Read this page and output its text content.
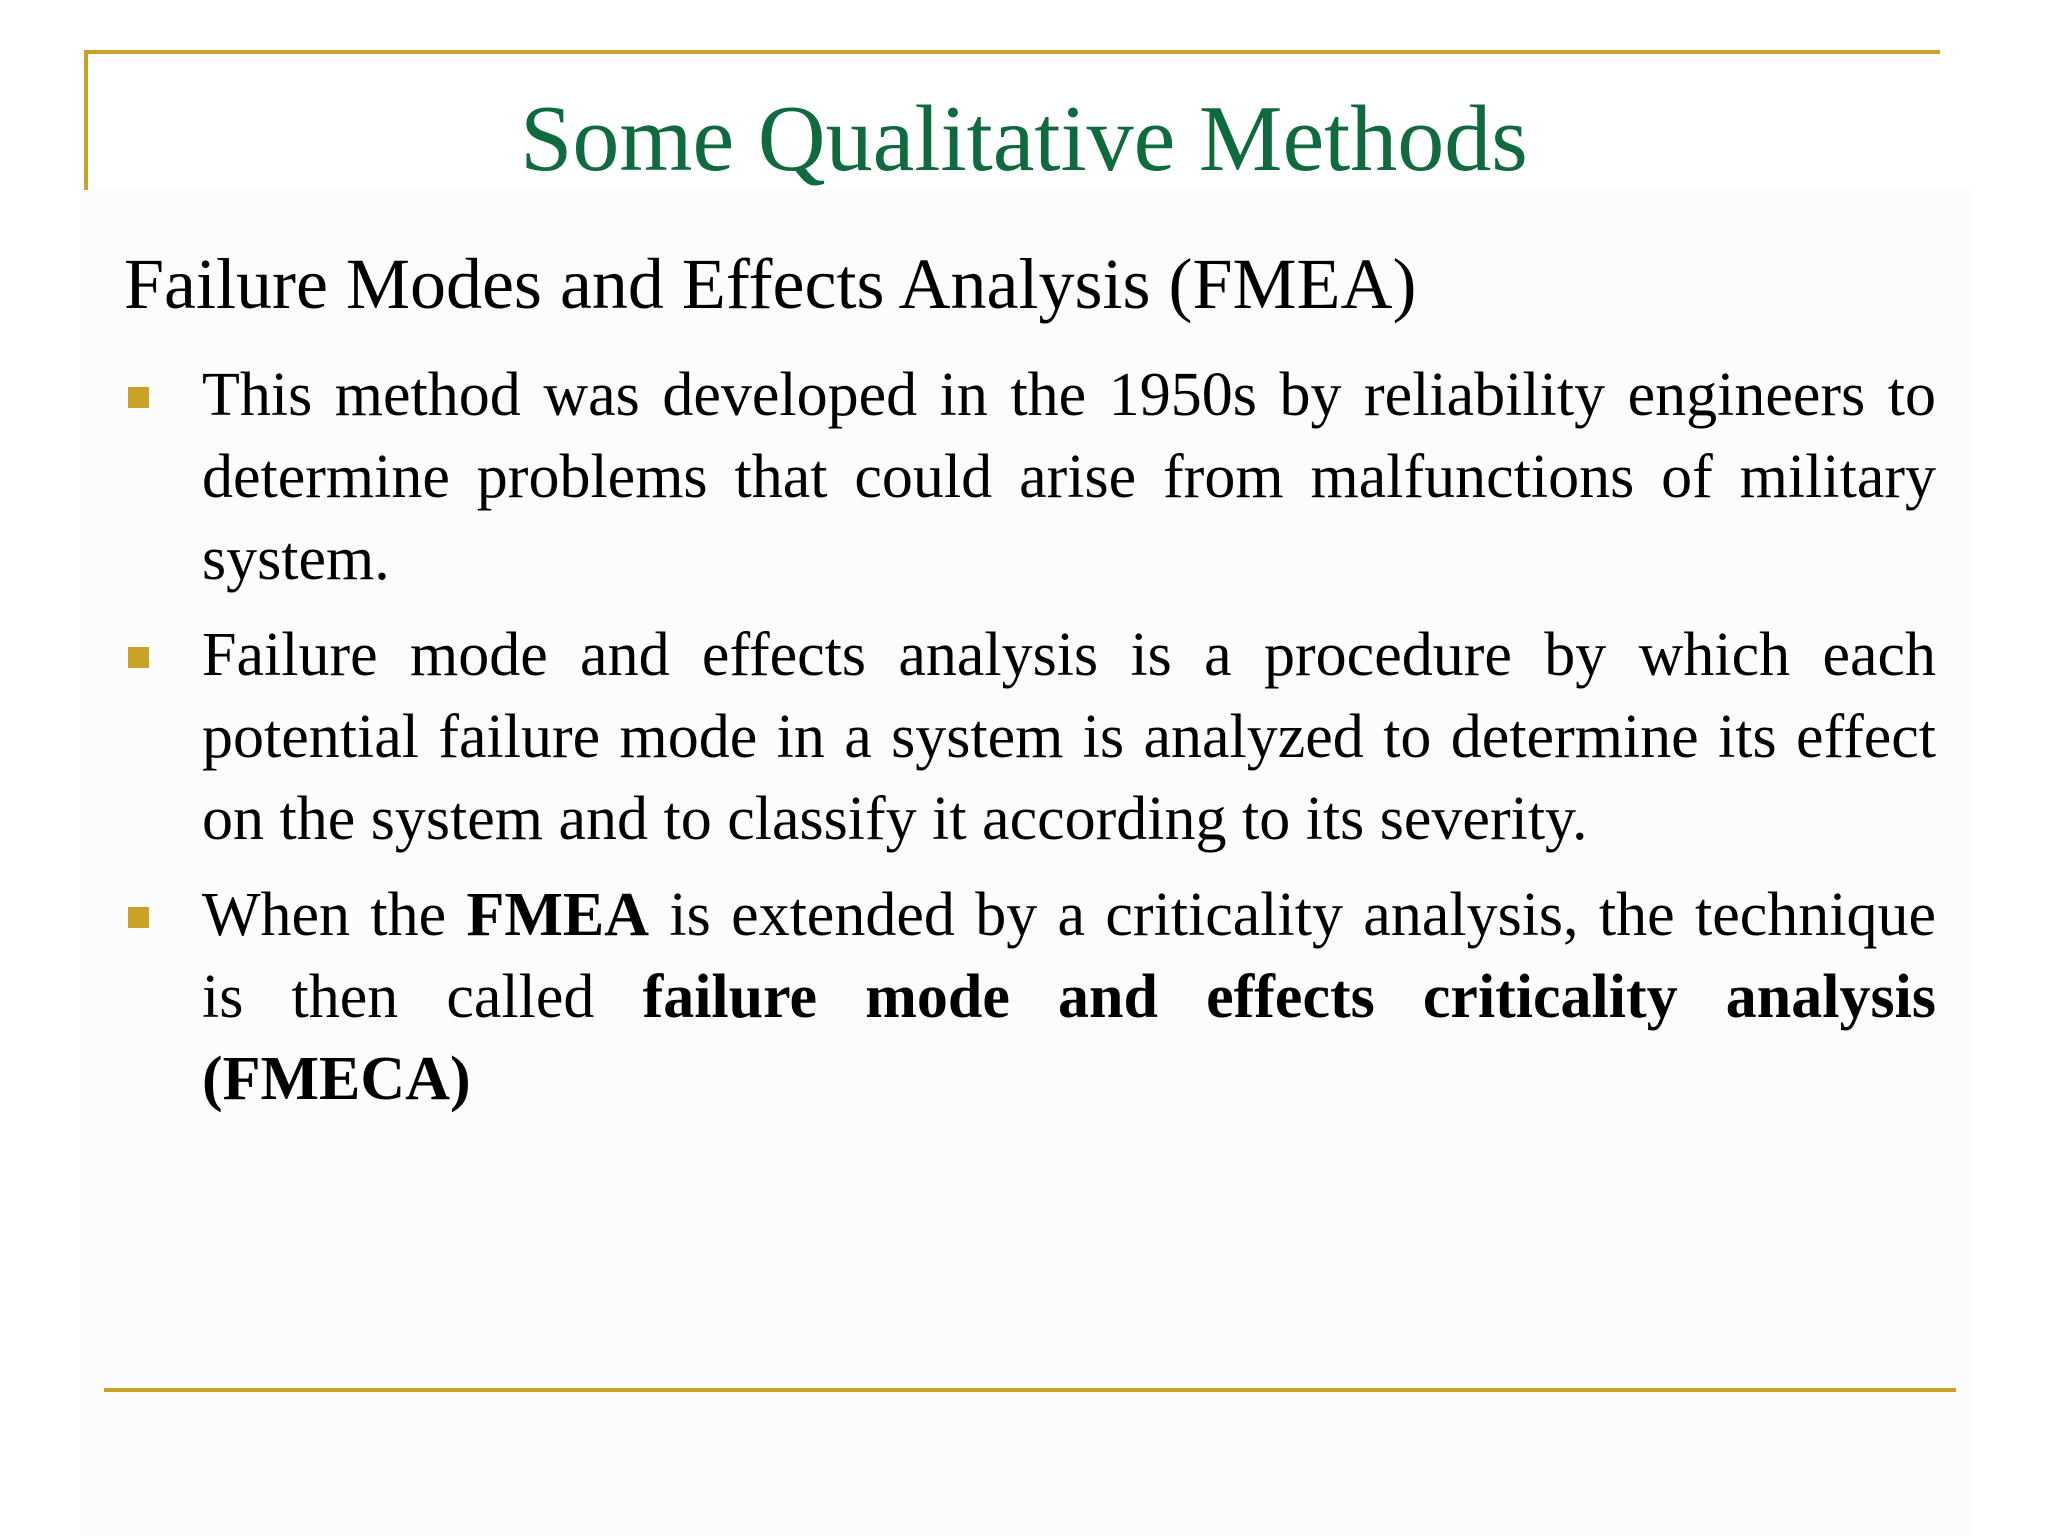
Some Qualitative Methods
Failure Modes and Effects Analysis (FMEA)
This method was developed in the 1950s by reliability engineers to determine problems that could arise from malfunctions of military system.
Failure mode and effects analysis is a procedure by which each potential failure mode in a system is analyzed to determine its effect on the system and to classify it according to its severity.
When the FMEA is extended by a criticality analysis, the technique is then called failure mode and effects criticality analysis (FMECA)
